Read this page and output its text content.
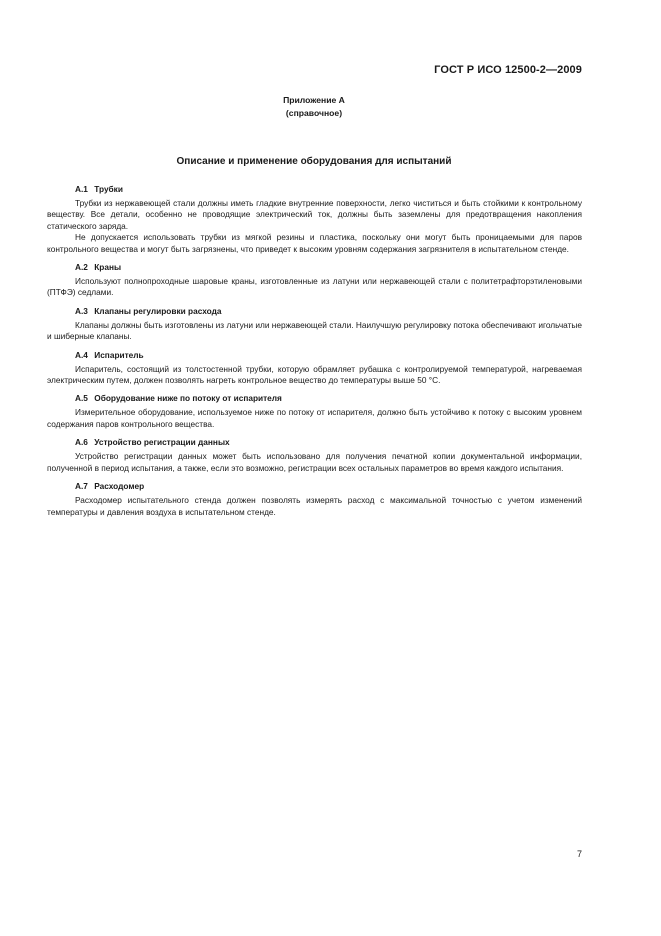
ГОСТ Р ИСО 12500-2—2009
Приложение А
(справочное)
Описание и применение оборудования для испытаний
А.1 Трубки

Трубки из нержавеющей стали должны иметь гладкие внутренние поверхности, легко чиститься и быть стойкими к контрольному веществу. Все детали, особенно не проводящие электрический ток, должны быть заземлены для предотвращения накопления статического заряда.

Не допускается использовать трубки из мягкой резины и пластика, поскольку они могут быть проницаемыми для паров контрольного вещества и могут быть загрязнены, что приведет к высоким уровням содержания загрязнителя в испытательном стенде.

А.2 Краны

Используют полнопроходные шаровые краны, изготовленные из латуни или нержавеющей стали с политетрафторэтиленовыми (ПТФЭ) седлами.

А.3 Клапаны регулировки расхода

Клапаны должны быть изготовлены из латуни или нержавеющей стали. Наилучшую регулировку потока обеспечивают игольчатые и шиберные клапаны.

А.4 Испаритель

Испаритель, состоящий из толстостенной трубки, которую обрамляет рубашка с контролируемой температурой, нагреваемая электрическим путем, должен позволять нагреть контрольное вещество до температуры выше 50 °С.

А.5 Оборудование ниже по потоку от испарителя

Измерительное оборудование, используемое ниже по потоку от испарителя, должно быть устойчиво к потоку с высоким уровнем содержания паров контрольного вещества.

А.6 Устройство регистрации данных

Устройство регистрации данных может быть использовано для получения печатной копии документальной информации, полученной в период испытания, а также, если это возможно, регистрации всех остальных параметров во время каждого испытания.

А.7 Расходомер

Расходомер испытательного стенда должен позволять измерять расход с максимальной точностью с учетом изменений температуры и давления воздуха в испытательном стенде.

7
